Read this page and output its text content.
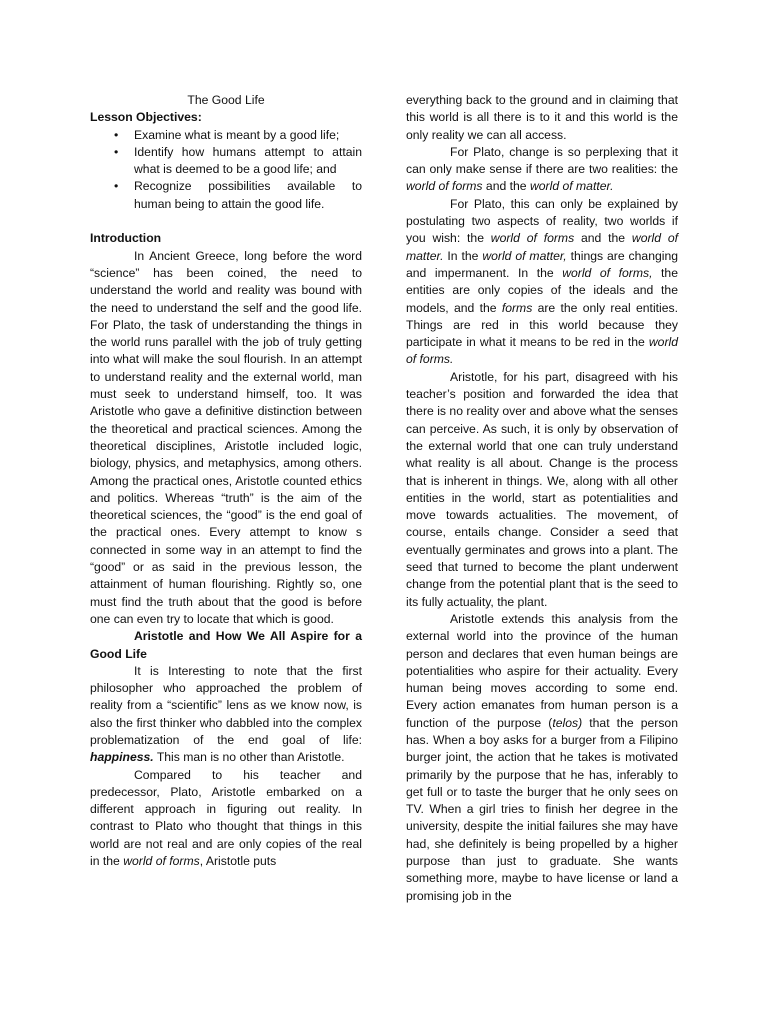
The Good Life
Lesson Objectives:
• Examine what is meant by a good life;
• Identify how humans attempt to attain what is deemed to be a good life; and
• Recognize possibilities available to human being to attain the good life.
Introduction

In Ancient Greece, long before the word “science” has been coined, the need to understand the world and reality was bound with the need to understand the self and the good life. For Plato, the task of understanding the things in the world runs parallel with the job of truly getting into what will make the soul flourish. In an attempt to understand reality and the external world, man must seek to understand himself, too. It was Aristotle who gave a definitive distinction between the theoretical and practical sciences. Among the theoretical disciplines, Aristotle included logic, biology, physics, and metaphysics, among others. Among the practical ones, Aristotle counted ethics and politics. Whereas “truth” is the aim of the theoretical sciences, the “good” is the end goal of the practical ones. Every attempt to know s connected in some way in an attempt to find the “good” or as said in the previous lesson, the attainment of human flourishing. Rightly so, one must find the truth about that the good is before one can even try to locate that which is good.

Aristotle and How We All Aspire for a Good Life

It is Interesting to note that the first philosopher who approached the problem of reality from a “scientific” lens as we know now, is also the first thinker who dabbled into the complex problematization of the end goal of life: happiness. This man is no other than Aristotle.

Compared to his teacher and predecessor, Plato, Aristotle embarked on a different approach in figuring out reality. In contrast to Plato who thought that things in this world are not real and are only copies of the real in the world of forms, Aristotle puts

everything back to the ground and in claiming that this world is all there is to it and this world is the only reality we can all access.

For Plato, change is so perplexing that it can only make sense if there are two realities: the world of forms and the world of matter.

For Plato, this can only be explained by postulating two aspects of reality, two worlds if you wish: the world of forms and the world of matter. In the world of matter, things are changing and impermanent. In the world of forms, the entities are only copies of the ideals and the models, and the forms are the only real entities. Things are red in this world because they participate in what it means to be red in the world of forms.

Aristotle, for his part, disagreed with his teacher’s position and forwarded the idea that there is no reality over and above what the senses can perceive. As such, it is only by observation of the external world that one can truly understand what reality is all about. Change is the process that is inherent in things. We, along with all other entities in the world, start as potentialities and move towards actualities. The movement, of course, entails change. Consider a seed that eventually germinates and grows into a plant. The seed that turned to become the plant underwent change from the potential plant that is the seed to its fully actuality, the plant.

Aristotle extends this analysis from the external world into the province of the human person and declares that even human beings are potentialities who aspire for their actuality. Every human being moves according to some end. Every action emanates from human person is a function of the purpose (telos) that the person has. When a boy asks for a burger from a Filipino burger joint, the action that he takes is motivated primarily by the purpose that he has, inferably to get full or to taste the burger that he only sees on TV. When a girl tries to finish her degree in the university, despite the initial failures she may have had, she definitely is being propelled by a higher purpose than just to graduate. She wants something more, maybe to have license or land a promising job in the
